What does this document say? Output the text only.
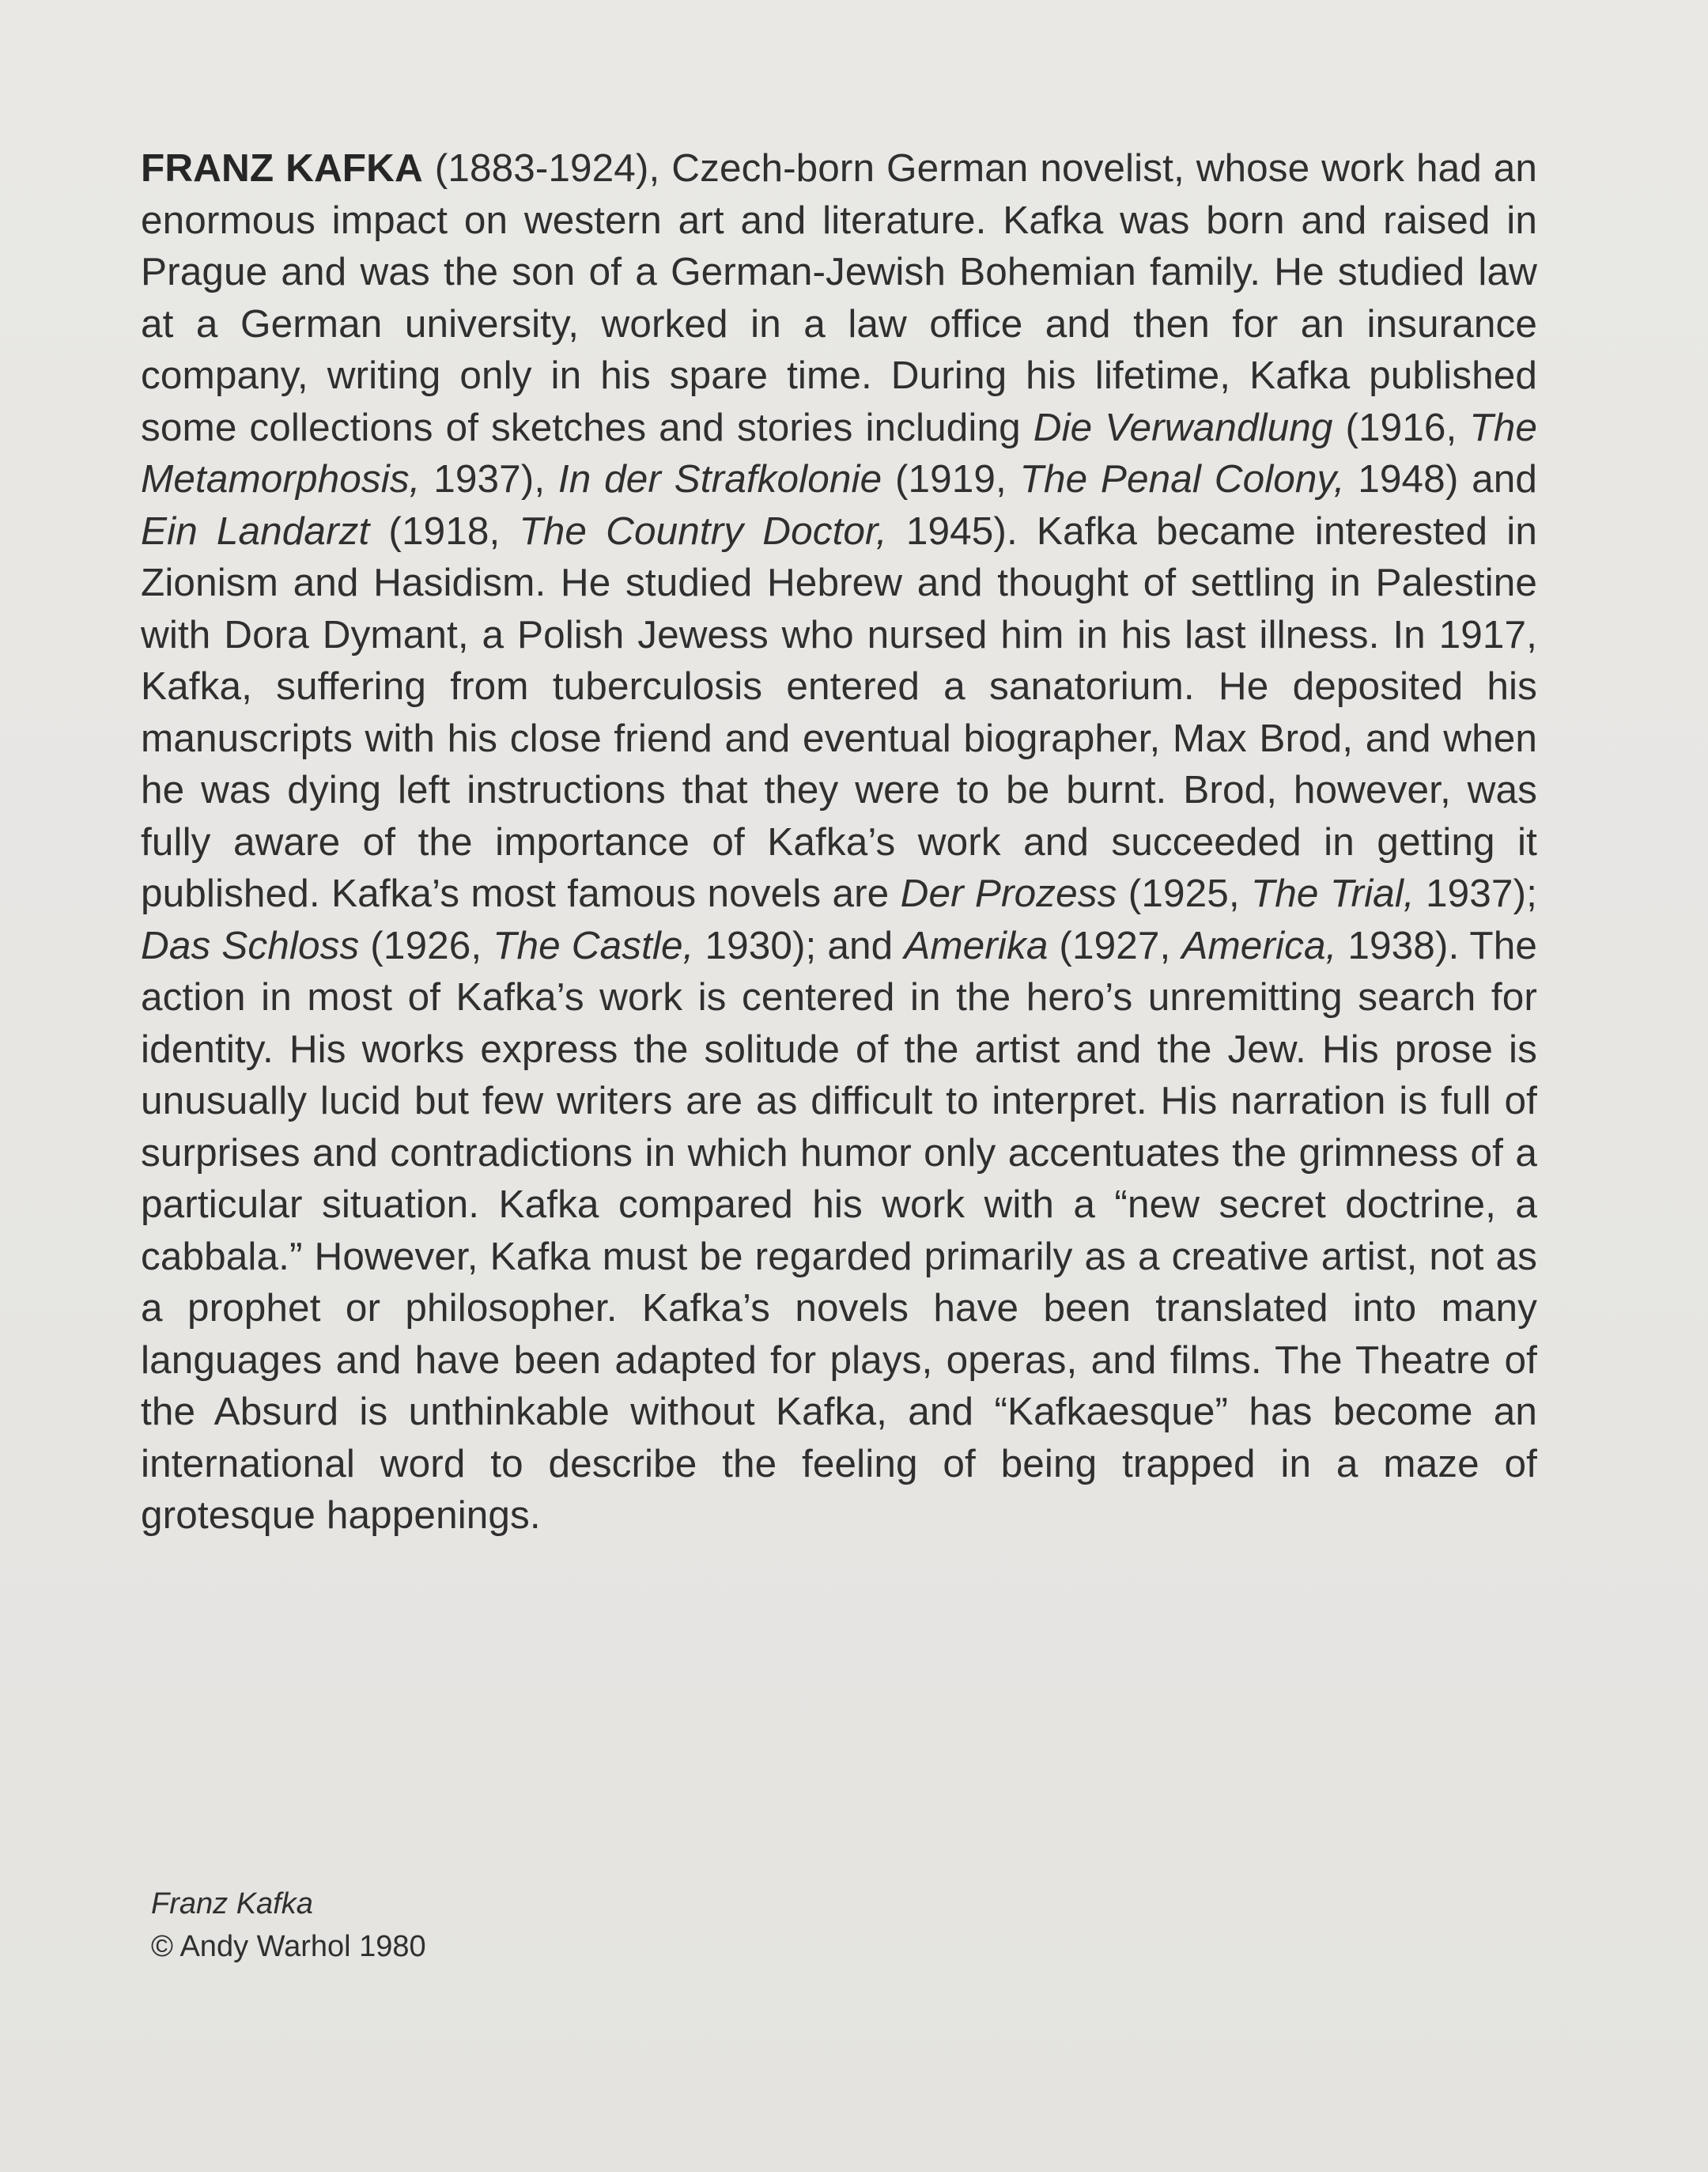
FRANZ KAFKA (1883-1924), Czech-born German novelist, whose work had an enormous impact on western art and literature. Kafka was born and raised in Prague and was the son of a German-Jewish Bohemian family. He studied law at a German university, worked in a law office and then for an insurance company, writing only in his spare time. During his lifetime, Kafka published some collections of sketches and stories including Die Verwandlung (1916, The Metamorphosis, 1937), In der Strafkolonie (1919, The Penal Colony, 1948) and Ein Landarzt (1918, The Country Doctor, 1945). Kafka became interested in Zionism and Hasidism. He studied Hebrew and thought of settling in Palestine with Dora Dymant, a Polish Jewess who nursed him in his last illness. In 1917, Kafka, suffering from tuberculosis entered a sanatorium. He deposited his manuscripts with his close friend and eventual biographer, Max Brod, and when he was dying left instructions that they were to be burnt. Brod, however, was fully aware of the importance of Kafka’s work and succeeded in getting it published. Kafka’s most famous novels are Der Prozess (1925, The Trial, 1937); Das Schloss (1926, The Castle, 1930); and Amerika (1927, America, 1938). The action in most of Kafka’s work is centered in the hero’s unremitting search for identity. His works express the solitude of the artist and the Jew. His prose is unusually lucid but few writers are as difficult to interpret. His narration is full of surprises and contradictions in which humor only accentuates the grimness of a particular situation. Kafka compared his work with a “new secret doctrine, a cabbala.” However, Kafka must be regarded primarily as a creative artist, not as a prophet or philosopher. Kafka’s novels have been translated into many languages and have been adapted for plays, operas, and films. The Theatre of the Absurd is unthinkable without Kafka, and “Kafkaesque” has become an international word to describe the feeling of being trapped in a maze of grotesque happenings.

Franz Kafka
© Andy Warhol 1980
